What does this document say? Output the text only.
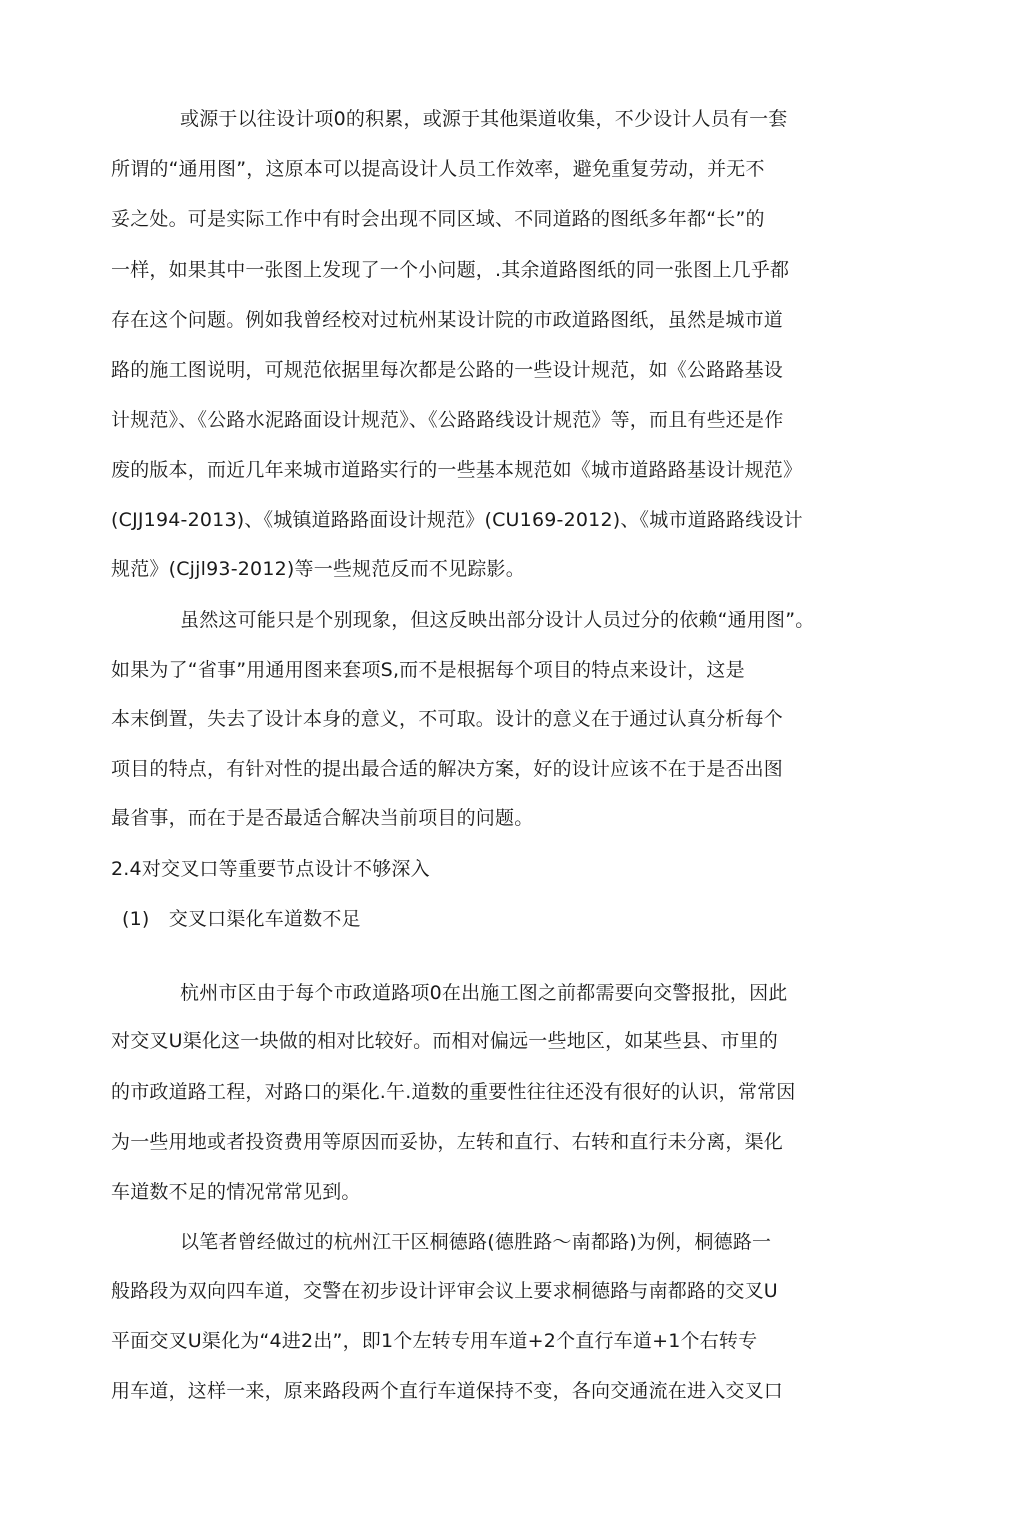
或源于以往设计项0的积累，或源于其他渠道收集，不少设计人员有一套
所谓的“通用图”，这原本可以提高设计人员工作效率，避免重复劳动，并无不
妥之处。可是实际工作中有时会出现不同区域、不同道路的图纸多年都“长”的
一样，如果其中一张图上发现了一个小问题，.其余道路图纸的同一张图上几乎都
存在这个问题。例如我曾经校对过杭州某设计院的市政道路图纸，虽然是城市道
路的施工图说明，可规范依据里每次都是公路的一些设计规范，如《公路路基设
计规范》、《公路水泥路面设计规范》、《公路路线设计规范》等，而且有些还是作
废的版本，而近几年来城市道路实行的一些基本规范如《城市道路路基设计规范》
(CJJ194-2013)、《城镇道路路面设计规范》(CU169-2012)、《城市道路路线设计
规范》(Cjjl93-2012)等一些规范反而不见踪影。
虽然这可能只是个别现象，但这反映出部分设计人员过分的依赖“通用图”。
如果为了“省事”用通用图来套项S,而不是根据每个项目的特点来设计，这是
本末倒置，失去了设计本身的意义，不可取。设计的意义在于通过认真分析每个
项目的特点，有针对性的提出最合适的解决方案，好的设计应该不在于是否出图
最省事，而在于是否最适合解决当前项目的问题。
2.4对交叉口等重要节点设计不够深入
(1)　交叉口渠化车道数不足
杭州市区由于每个市政道路项0在出施工图之前都需要向交警报批，因此
对交叉U渠化这一块做的相对比较好。而相对偏远一些地区，如某些县、市里的
的市政道路工程，对路口的渠化.午.道数的重要性往往还没有很好的认识，常常因
为一些用地或者投资费用等原因而妥协，左转和直行、右转和直行未分离，渠化
车道数不足的情况常常见到。
以笔者曾经做过的杭州江干区桐德路(德胜路〜南都路)为例，桐德路一
般路段为双向四车道，交警在初步设计评审会议上要求桐德路与南都路的交叉U
平面交叉U渠化为“4进2出”，即1个左转专用车道+2个直行车道+1个右转专
用车道，这样一来，原来路段两个直行车道保持不变，各向交通流在进入交叉口
